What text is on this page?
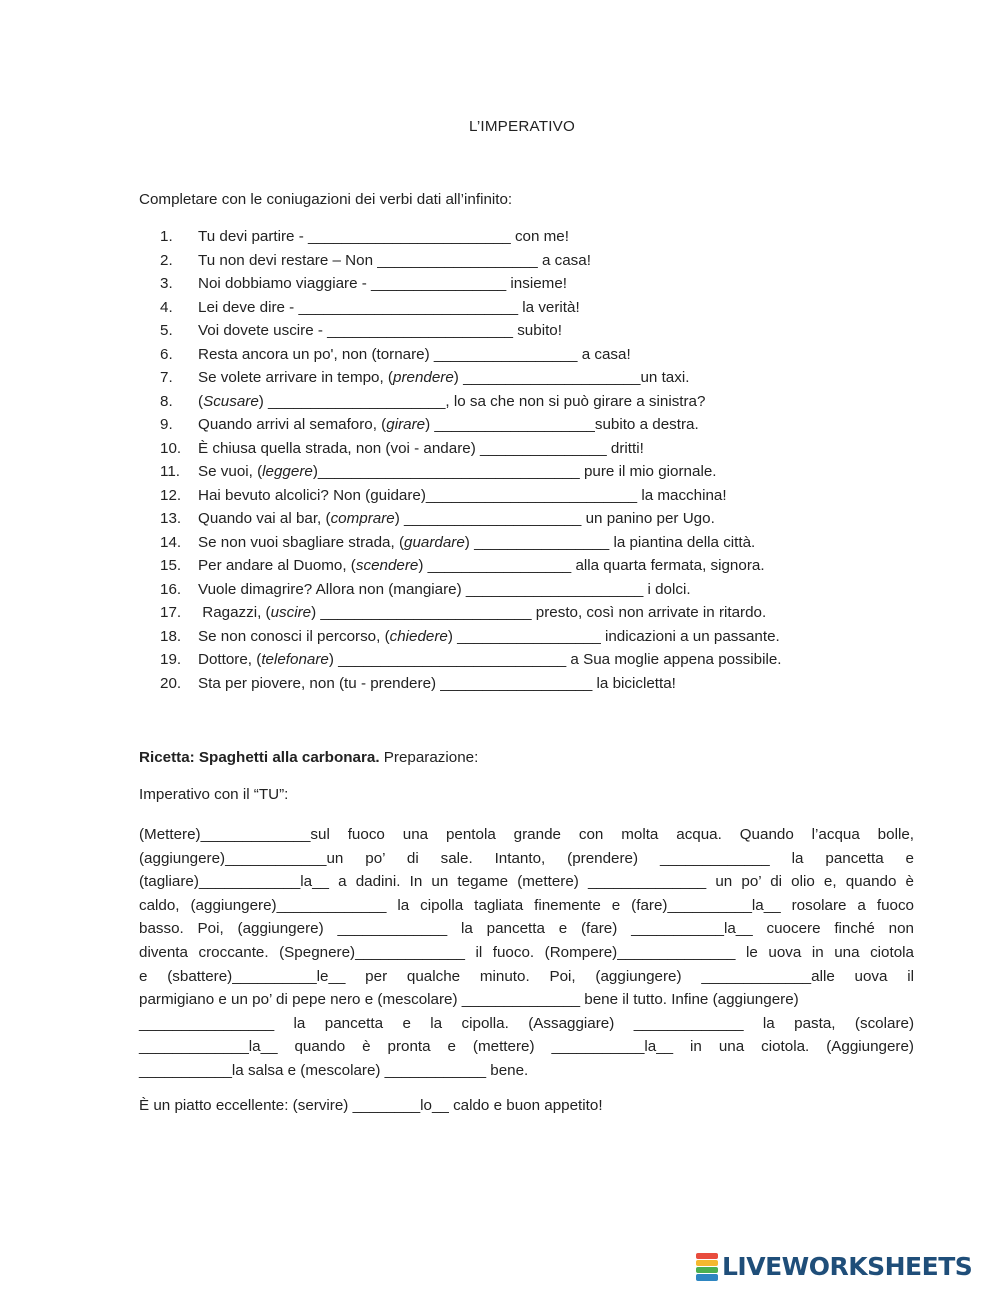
L’IMPERATIVO
Completare con le coniugazioni dei verbi dati all’infinito:
1.	Tu devi partire - ________________________ con me!
2.	Tu non devi restare – Non ___________________ a casa!
3.	Noi dobbiamo viaggiare - ________________ insieme!
4.	Lei deve dire - __________________________ la verità!
5.	Voi dovete uscire - ______________________ subito!
6.	Resta ancora un po', non (tornare) _________________ a casa!
7.	Se volete arrivare in tempo, (prendere) _____________________un taxi.
8.	(Scusare) _____________________, lo sa che non si può girare a sinistra?
9.	Quando arrivi al semaforo, (girare) ___________________subito a destra.
10.	È chiusa quella strada, non (voi - andare) _______________ dritti!
11.	Se vuoi, (leggere)_______________________________ pure il mio giornale.
12.	Hai bevuto alcolici? Non (guidare)_________________________ la macchina!
13.	Quando vai al bar, (comprare) _____________________ un panino per Ugo.
14.	Se non vuoi sbagliare strada, (guardare) ________________ la piantina della città.
15.	Per andare al Duomo, (scendere) _________________ alla quarta fermata, signora.
16.	Vuole dimagrire? Allora non (mangiare) _____________________ i dolci.
17.	Ragazzi, (uscire) _________________________ presto, così non arrivate in ritardo.
18.	Se non conosci il percorso, (chiedere) _________________ indicazioni a un passante.
19.	Dottore, (telefonare) ___________________________ a Sua moglie appena possibile.
20.	Sta per piovere, non (tu - prendere) __________________ la bicicletta!
Ricetta: Spaghetti alla carbonara. Preparazione:
Imperativo con il “TU”:
(Mettere)_____________sul fuoco una pentola grande con molta acqua. Quando l’acqua bolle,
(aggiungere)____________un po’ di sale. Intanto, (prendere) _____________ la pancetta e
(tagliare)____________la__ a dadini. In un tegame (mettere) ______________ un po’ di olio e, quando è
caldo, (aggiungere)_____________ la cipolla tagliata finemente e (fare)__________la__ rosolare a fuoco
basso. Poi, (aggiungere) _____________ la pancetta e (fare) ___________la__ cuocere finché non
diventa croccante. (Spegnere)_____________ il fuoco. (Rompere)______________ le uova in una ciotola
e (sbattere)__________le__ per qualche minuto. Poi, (aggiungere) _____________alle uova il
parmigiano e un po’ di pepe nero e (mescolare) ______________ bene il tutto. Infine (aggiungere)
________________ la pancetta e la cipolla. (Assaggiare) _____________ la pasta, (scolare)
_____________la__ quando è pronta e (mettere) ___________la__ in una ciotola. (Aggiungere)
___________la salsa e (mescolare) ____________ bene.
È un piatto eccellente: (servire) ________lo__ caldo e buon appetito!
LIVEWORKSHEETS
